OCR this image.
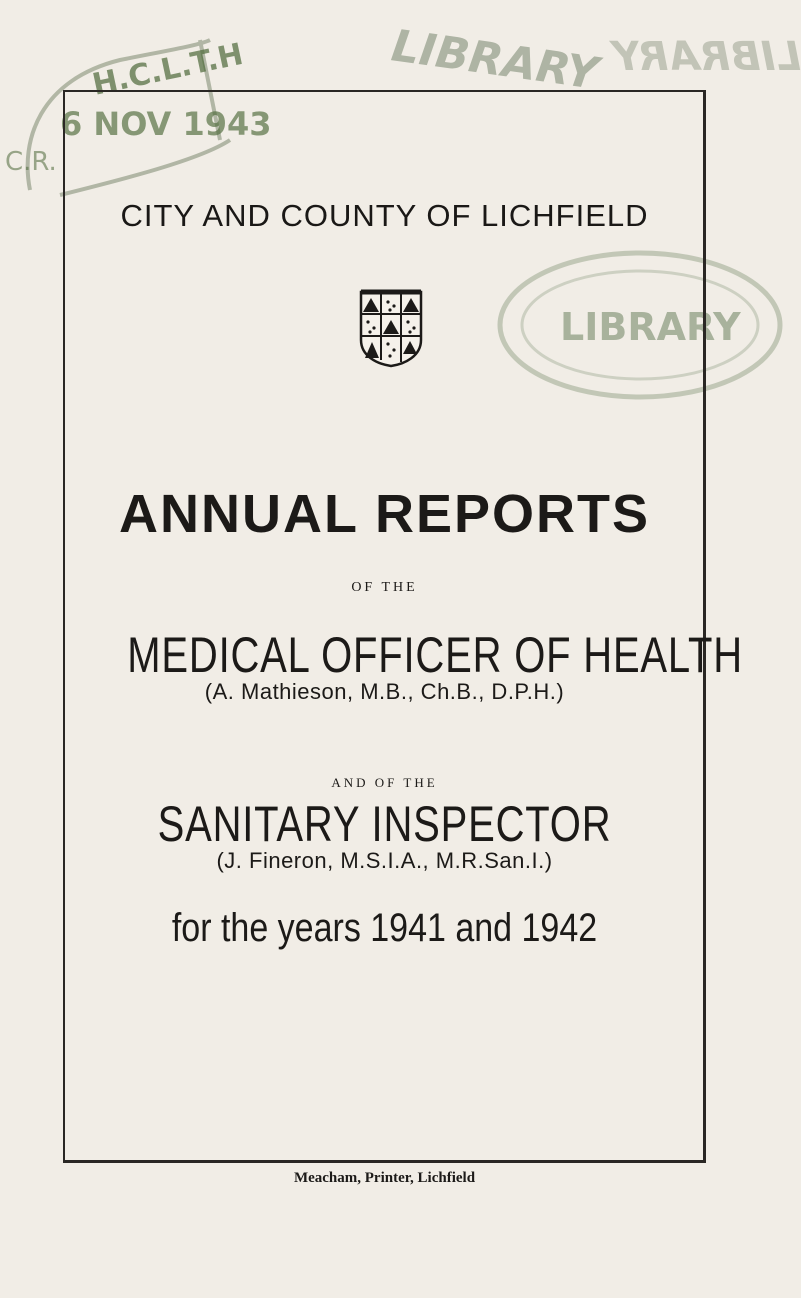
H.C.L.T.H
6 NOV 1943
C.R.
LIBRARY LIBRARY
LIBRARY
CITY AND COUNTY OF LICHFIELD
ANNUAL REPORTS
OF THE
MEDICAL OFFICER OF HEALTH
(A. Mathieson, M.B., Ch.B., D.P.H.)
AND OF THE
SANITARY INSPECTOR
(J. Fineron, M.S.I.A., M.R.San.I.)
for the years 1941 and 1942
Meacham, Printer, Lichfield
